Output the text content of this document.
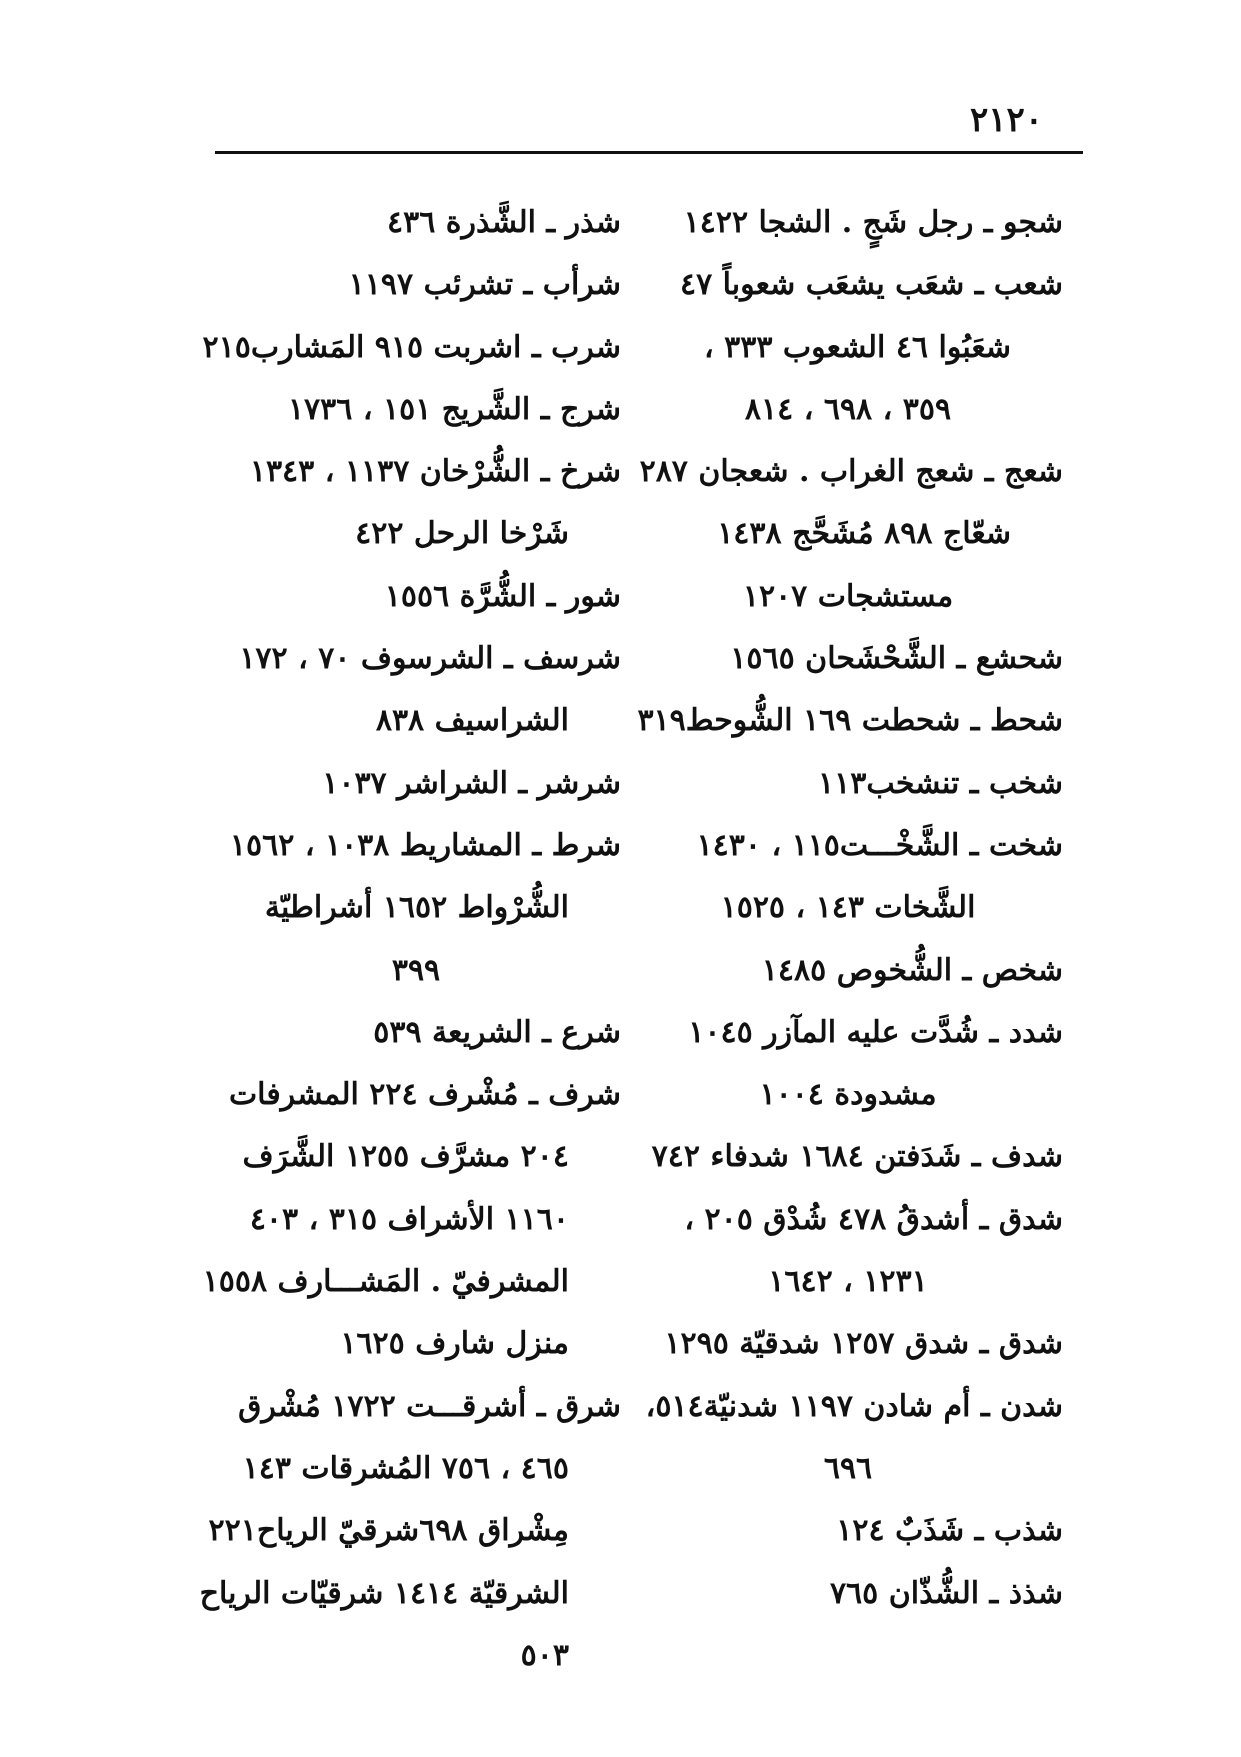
٢١٢٠
شجو ـ رجل شَجٍ . الشجا ١٤٢٢
شعب ـ شعَب يشعَب شعوباً ٤٧
شعَبُوا ٤٦ الشعوب ٣٣٣ ،
٣٥٩ ، ٦٩٨ ، ٨١٤
شعج ـ شعج الغراب . شعجان ٢٨٧
شعّاج ٨٩٨ مُشَحَّج ١٤٣٨
مستشجات ١٢٠٧
شحشع ـ الشَّحْشَحان ١٥٦٥
شحط ـ شحطت ١٦٩ الشُّوحط٣١٩
شخب ـ تنشخب١١٣
شخت ـ الشَّخْـــت١١٥ ، ١٤٣٠
الشَّخات ١٤٣ ، ١٥٢٥
شخص ـ الشُّخوص ١٤٨٥
شدد ـ شُدَّت عليه المآزر ١٠٤٥
مشدودة ١٠٠٤
شدف ـ شَدَفتن ١٦٨٤ شدفاء ٧٤٢
شدق ـ أشدقُ ٤٧٨ شُدْق ٢٠٥ ،
١٢٣١ ، ١٦٤٢
شدق ـ شدق ١٢٥٧ شدقيّة ١٢٩٥
شدن ـ أم شادن ١١٩٧ شدنيّة٥١٤،
٦٩٦
شذب ـ شَذَبٌ ١٢٤
شذذ ـ الشُّذّان ٧٦٥
شذر ـ الشَّذرة ٤٣٦
شرأب ـ تشرئب ١١٩٧
شرب ـ اشربت ٩١٥ المَشارب٢١٥
شرج ـ الشَّريج ١٥١ ، ١٧٣٦
شرخ ـ الشُّرْخان ١١٣٧ ، ١٣٤٣
شَرْخا الرحل ٤٢٢
شور ـ الشُّرَّة ١٥٥٦
شرسف ـ الشرسوف ٧٠ ، ١٧٢
الشراسيف ٨٣٨
شرشر ـ الشراشر ١٠٣٧
شرط ـ المشاريط ١٠٣٨ ، ١٥٦٢
الشُّرْواط ١٦٥٢ أشراطيّة
٣٩٩
شرع ـ الشريعة ٥٣٩
شرف ـ مُشْرف ٢٢٤ المشرفات
٢٠٤ مشرَّف ١٢٥٥ الشَّرَف
١١٦٠ الأشراف ٣١٥ ، ٤٠٣
المشرفيّ . المَشـــارف ١٥٥٨
منزل شارف ١٦٢٥
شرق ـ أشرقـــت ١٧٢٢ مُشْرق
٤٦٥ ، ٧٥٦ المُشرقات ١٤٣
مِشْراق ٦٩٨شرقيّ الرياح٢٢١
الشرقيّة ١٤١٤ شرقيّات الرياح
٥٠٣
